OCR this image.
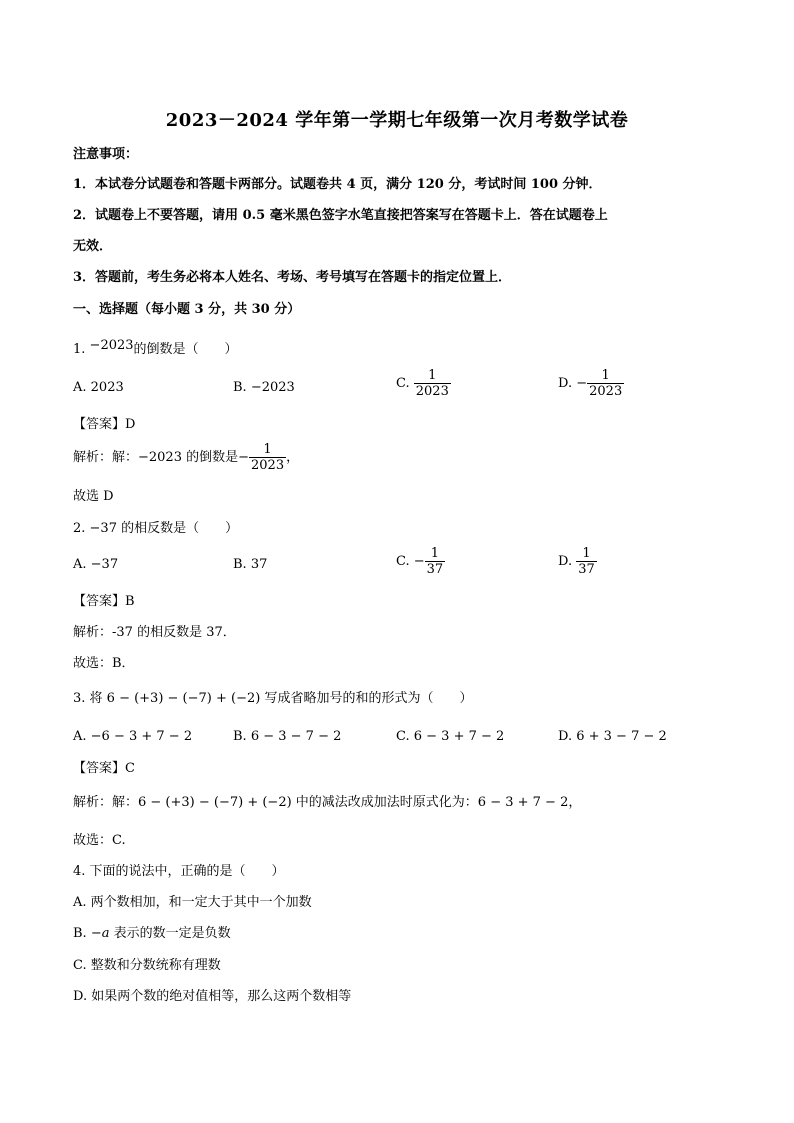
2023－2024 学年第一学期七年级第一次月考数学试卷
注意事项：
1．本试卷分试题卷和答题卡两部分。试题卷共 4 页，满分 120 分，考试时间 100 分钟．
2．试题卷上不要答题，请用 0.5 毫米黑色签字水笔直接把答案写在答题卡上．答在试题卷上
无效．
3．答题前，考生务必将本人姓名、考场、考号填写在答题卡的指定位置上．
一、选择题（每小题 3 分，共 30 分）
1. −2023的倒数是（　　）
A. 2023	B. −2023	C. $\frac{1}{2023}$	D. − $\frac{1}{2023}$
【答案】D
解析：解：−2023 的倒数是− $\frac{1}{2023}$ ，
故选 D
2. −37 的相反数是（　　）
A. −37	B. 37	C. − $\frac{1}{37}$	D. $\frac{1}{37}$
【答案】B
解析：-37 的相反数是 37．
故选：B．
3. 将 6 − (+3) − (−7) + (−2) 写成省略加号的和的形式为（　　）
A. −6 − 3 + 7 − 2	B. 6 − 3 − 7 − 2	C. 6 − 3 + 7 − 2	D. 6 + 3 − 7 − 2
【答案】C
解析：解：6 − (+3) − (−7) + (−2) 中的减法改成加法时原式化为：6 − 3 + 7 − 2，
故选：C.
4. 下面的说法中，正确的是（　　）
A. 两个数相加，和一定大于其中一个加数
B. −a 表示的数一定是负数
C. 整数和分数统称有理数
D. 如果两个数的绝对值相等，那么这两个数相等
